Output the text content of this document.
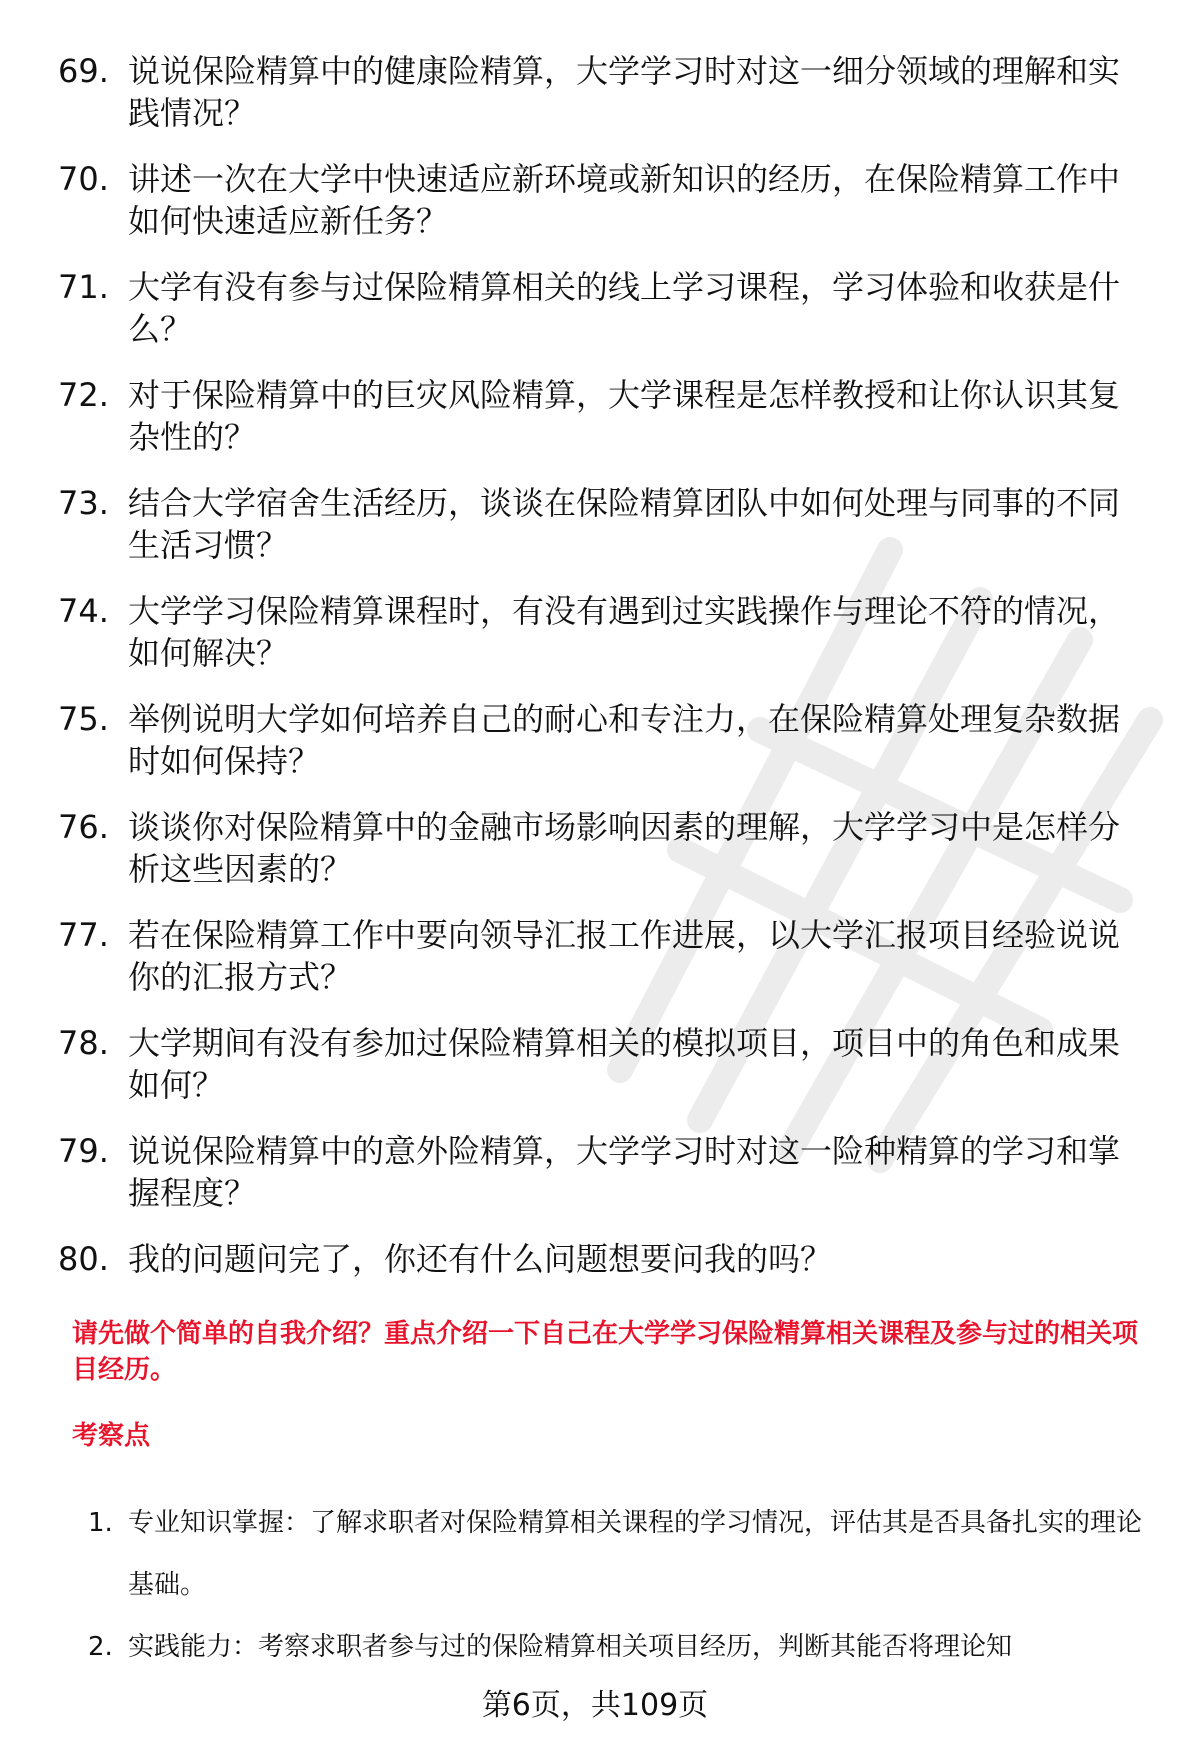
69. 说说保险精算中的健康险精算，大学学习时对这一细分领域的理解和实践情况？
70. 讲述一次在大学中快速适应新环境或新知识的经历，在保险精算工作中如何快速适应新任务？
71. 大学有没有参与过保险精算相关的线上学习课程，学习体验和收获是什么？
72. 对于保险精算中的巨灾风险精算，大学课程是怎样教授和让你认识其复杂性的？
73. 结合大学宿舍生活经历，谈谈在保险精算团队中如何处理与同事的不同生活习惯？
74. 大学学习保险精算课程时，有没有遇到过实践操作与理论不符的情况，如何解决？
75. 举例说明大学如何培养自己的耐心和专注力，在保险精算处理复杂数据时如何保持？
76. 谈谈你对保险精算中的金融市场影响因素的理解，大学学习中是怎样分析这些因素的？
77. 若在保险精算工作中要向领导汇报工作进展，以大学汇报项目经验说说你的汇报方式？
78. 大学期间有没有参加过保险精算相关的模拟项目，项目中的角色和成果如何？
79. 说说保险精算中的意外险精算，大学学习时对这一险种精算的学习和掌握程度？
80. 我的问题问完了，你还有什么问题想要问我的吗？
请先做个简单的自我介绍？重点介绍一下自己在大学学习保险精算相关课程及参与过的相关项目经历。
考察点
1. 专业知识掌握：了解求职者对保险精算相关课程的学习情况，评估其是否具备扎实的理论基础。
2. 实践能力：考察求职者参与过的保险精算相关项目经历，判断其能否将理论知
第6页，共109页
